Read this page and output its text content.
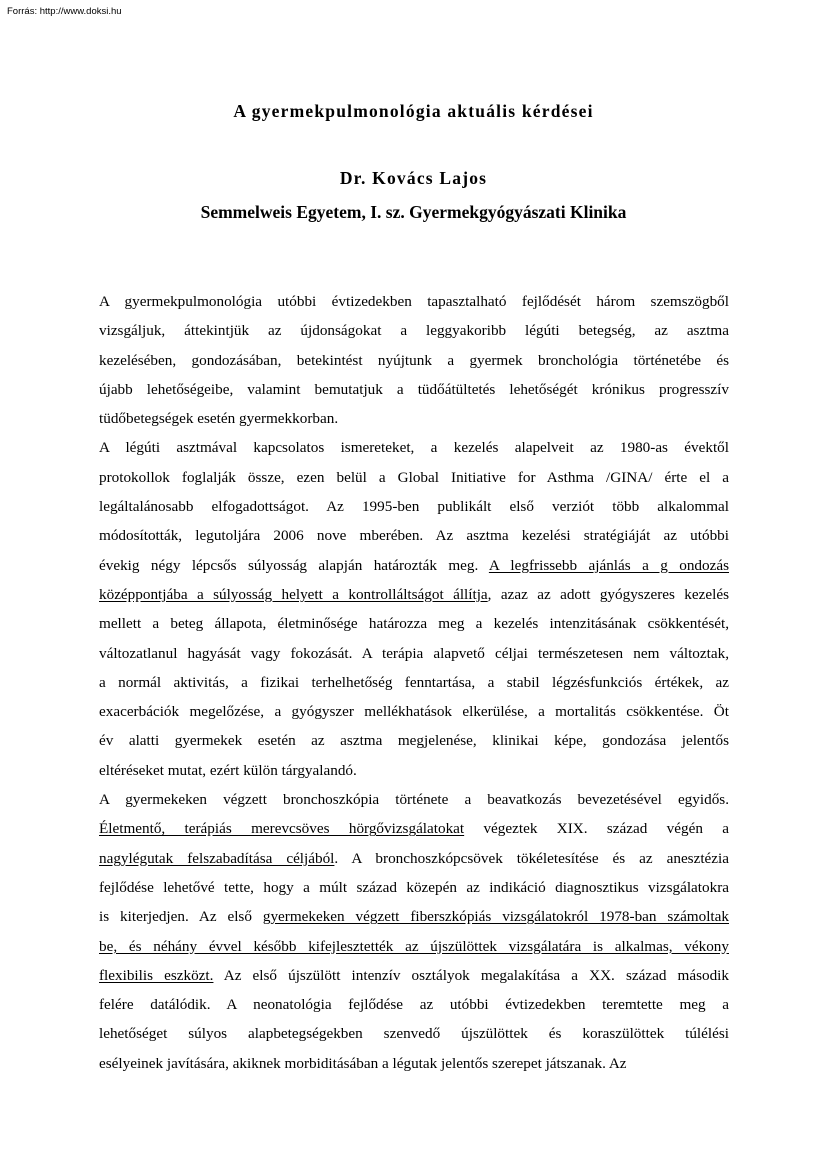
Forrás: http://www.doksi.hu
A gyermekpulmonológia aktuális kérdései
Dr. Kovács Lajos
Semmelweis Egyetem, I. sz. Gyermekgyógyászati Klinika
A gyermekpulmonológia utóbbi évtizedekben tapasztalható fejlődését három szemszögből
vizsgáljuk, áttekintjük az újdonságokat a leggyakoribb légúti betegség, az asztma
kezelésében, gondozásában, betekintést nyújtunk a gyermek bronchológia történetébe és
újabb lehetőségeibe, valamint bemutatjuk a tüdőátültetés lehetőségét krónikus progresszív
tüdőbetegségek esetén gyermekkorban.
A légúti asztmával kapcsolatos ismereteket, a kezelés alapelveit az 1980-as évektől
protokollok foglalják össze, ezen belül a Global Initiative for Asthma /GINA/ érte el a
legáltalánosabb elfogadottságot. Az 1995-ben publikált első verziót több alkalommal
módosították, legutoljára 2006 nove mberében. Az asztma kezelési stratégiáját az utóbbi
évekig négy lépcsős súlyosság alapján határozták meg. A legfrissebb ajánlás a g ondozás
középpontjába a súlyosság helyett a kontrolláltságot állítja, azaz az adott gyógyszeres kezelés
mellett a beteg állapota, életminősége határozza meg a kezelés intenzitásának csökkentését,
változatlanul hagyását vagy fokozását. A terápia alapvető céljai természetesen nem változtak,
a normál aktivitás, a fizikai terhelhetőség fenntartása, a stabil légzésfunkciós értékek, az
exacerbációk megelőzése, a gyógyszer mellékhatások elkerülése, a mortalitás csökkentése. Öt
év alatti gyermekek esetén az asztma megjelenése, klinikai képe, gondozása jelentős
eltéréseket mutat, ezért külön tárgyalandó.
A gyermekeken végzett bronchoszkópia története a beavatkozás bevezetésével egyidős.
Életmentő, terápiás merevcsöves hörgővizsgálatokat végeztek XIX. század végén a
nagylégutak felszabadítása céljából. A bronchoszkópcsövek tökéletesítése és az anesztézia
fejlődése lehetővé tette, hogy a múlt század közepén az indikáció diagnosztikus vizsgálatokra
is kiterjedjen. Az első gyermekeken végzett fiberszkópiás vizsgálatokról 1978-ban számoltak
be, és néhány évvel később kifejlesztették az újszülöttek vizsgálatára is alkalmas, vékony
flexibilis eszközt. Az első újszülött intenzív osztályok megalakítása a XX. század második
felére datálódik. A neonatológia fejlődése az utóbbi évtizedekben teremtette meg a
lehetőséget súlyos alapbetegségekben szenvedő újszülöttek és koraszülöttek túlélési
esélyeinek javítására, akiknek morbiditásában a légutak jelentős szerepet játszanak. Az
